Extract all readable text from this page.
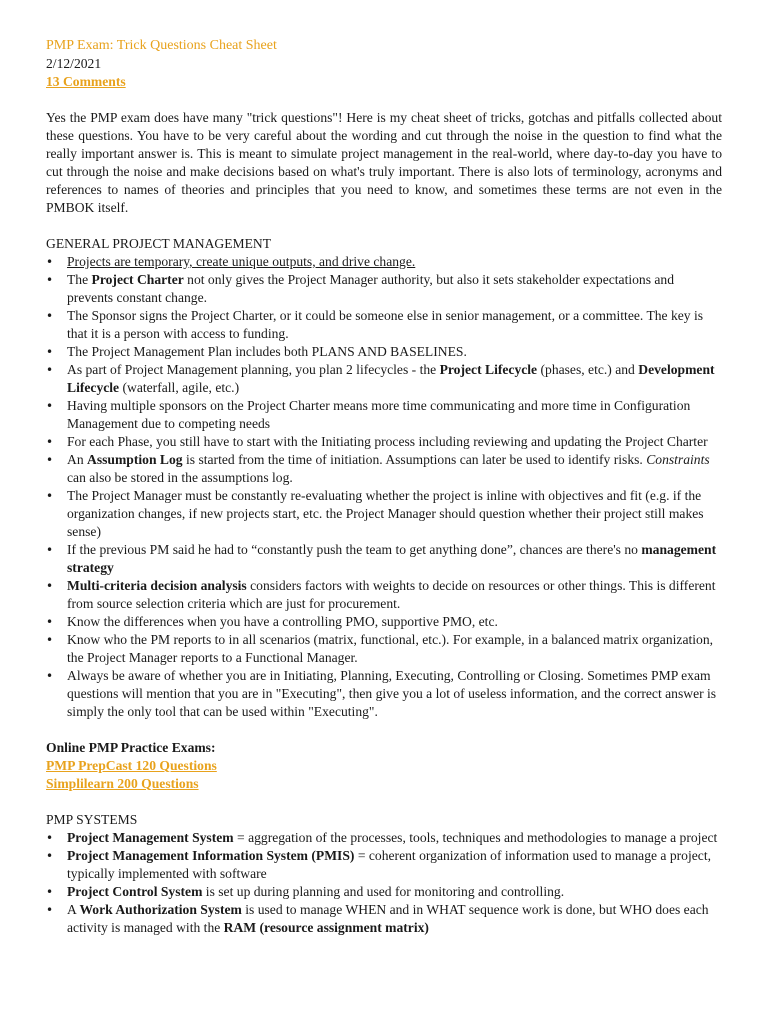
PMP Exam: Trick Questions Cheat Sheet
2/12/2021
13 Comments
Yes the PMP exam does have many "trick questions"! Here is my cheat sheet of tricks, gotchas and pitfalls collected about these questions. You have to be very careful about the wording and cut through the noise in the question to find what the really important answer is. This is meant to simulate project management in the real-world, where day-to-day you have to cut through the noise and make decisions based on what's truly important. There is also lots of terminology, acronyms and references to names of theories and principles that you need to know, and sometimes these terms are not even in the PMBOK itself.
GENERAL PROJECT MANAGEMENT
• Projects are temporary, create unique outputs, and drive change.
• The Project Charter not only gives the Project Manager authority, but also it sets stakeholder expectations and prevents constant change.
• The Sponsor signs the Project Charter, or it could be someone else in senior management, or a committee. The key is that it is a person with access to funding.
• The Project Management Plan includes both PLANS AND BASELINES.
• As part of Project Management planning, you plan 2 lifecycles - the Project Lifecycle (phases, etc.) and Development Lifecycle (waterfall, agile, etc.)
• Having multiple sponsors on the Project Charter means more time communicating and more time in Configuration Management due to competing needs
• For each Phase, you still have to start with the Initiating process including reviewing and updating the Project Charter
• An Assumption Log is started from the time of initiation. Assumptions can later be used to identify risks. Constraints can also be stored in the assumptions log.
• The Project Manager must be constantly re-evaluating whether the project is inline with objectives and fit (e.g. if the organization changes, if new projects start, etc. the Project Manager should question whether their project still makes sense)
• If the previous PM said he had to “constantly push the team to get anything done”, chances are there's no management strategy
• Multi-criteria decision analysis considers factors with weights to decide on resources or other things. This is different from source selection criteria which are just for procurement.
• Know the differences when you have a controlling PMO, supportive PMO, etc.
• Know who the PM reports to in all scenarios (matrix, functional, etc.). For example, in a balanced matrix organization, the Project Manager reports to a Functional Manager.
• Always be aware of whether you are in Initiating, Planning, Executing, Controlling or Closing. Sometimes PMP exam questions will mention that you are in "Executing", then give you a lot of useless information, and the correct answer is simply the only tool that can be used within "Executing".
Online PMP Practice Exams:
PMP PrepCast 120 Questions
Simplilearn 200 Questions
PMP SYSTEMS
• Project Management System = aggregation of the processes, tools, techniques and methodologies to manage a project
• Project Management Information System (PMIS) = coherent organization of information used to manage a project, typically implemented with software
• Project Control System is set up during planning and used for monitoring and controlling.
• A Work Authorization System is used to manage WHEN and in WHAT sequence work is done, but WHO does each activity is managed with the RAM (resource assignment matrix)
